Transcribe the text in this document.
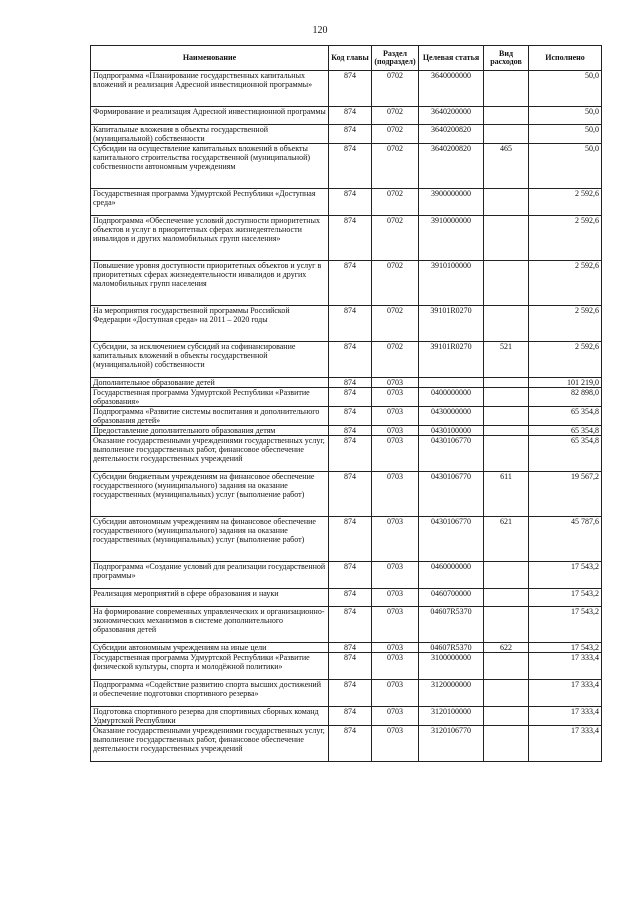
120
Наименование	Код главы	Раздел (подраздел)	Целевая статья	Вид расходов	Исполнено
Подпрограмма «Планирование государственных капитальных вложений и реализация Адресной инвестиционной программы»	874	0702	3640000000		50,0
Формирование и реализация Адресной инвестиционной программы	874	0702	3640200000		50,0
Капитальные вложения в объекты государственной (муниципальной) собственности	874	0702	3640200820		50,0
Субсидии на осуществление капитальных вложений в объекты капитального строительства государственной (муниципальной) собственности автономным учреждениям	874	0702	3640200820	465	50,0
Государственная программа Удмуртской Республики «Доступная среда»	874	0702	3900000000		2 592,6
Подпрограмма «Обеспечение условий доступности приоритетных объектов и услуг в приоритетных сферах жизнедеятельности инвалидов и других маломобильных групп населения»	874	0702	3910000000		2 592,6
Повышение уровня доступности приоритетных объектов и услуг в приоритетных сферах жизнедеятельности инвалидов и других маломобильных групп населения	874	0702	3910100000		2 592,6
На мероприятия государственной программы Российской Федерации «Доступная среда» на 2011 – 2020 годы	874	0702	39101R0270		2 592,6
Субсидии, за исключением субсидий на софинансирование капитальных вложений в объекты государственной (муниципальной) собственности	874	0702	39101R0270	521	2 592,6
Дополнительное образование детей	874	0703			101 219,0
Государственная программа Удмуртской Республики «Развитие образования»	874	0703	0400000000		82 898,0
Подпрограмма «Развитие системы воспитания и дополнительного образования детей»	874	0703	0430000000		65 354,8
Предоставление дополнительного образования детям	874	0703	0430100000		65 354,8
Оказание государственными учреждениями государственных услуг, выполнение государственных работ, финансовое обеспечение деятельности государственных учреждений	874	0703	0430106770		65 354,8
Субсидии бюджетным учреждениям на финансовое обеспечение государственного (муниципального) задания на оказание государственных (муниципальных) услуг (выполнение работ)	874	0703	0430106770	611	19 567,2
Субсидии автономным учреждениям на финансовое обеспечение государственного (муниципального) задания на оказание государственных (муниципальных) услуг (выполнение работ)	874	0703	0430106770	621	45 787,6
Подпрограмма «Создание условий для реализации государственной программы»	874	0703	0460000000		17 543,2
Реализация мероприятий в сфере образования и науки	874	0703	0460700000		17 543,2
На формирование современных управленческих и организационно-экономических механизмов в системе дополнительного образования детей	874	0703	04607R5370		17 543,2
Субсидии автономным учреждениям на иные цели	874	0703	04607R5370	622	17 543,2
Государственная программа Удмуртской Республики «Развитие физической культуры, спорта и молодёжной политики»	874	0703	3100000000		17 333,4
Подпрограмма «Содействие развитию спорта высших достижений и обеспечение подготовки спортивного резерва»	874	0703	3120000000		17 333,4
Подготовка спортивного резерва для спортивных сборных команд Удмуртской Республики	874	0703	3120100000		17 333,4
Оказание государственными учреждениями государственных услуг, выполнение государственных работ, финансовое обеспечение деятельности государственных учреждений	874	0703	3120106770		17 333,4
